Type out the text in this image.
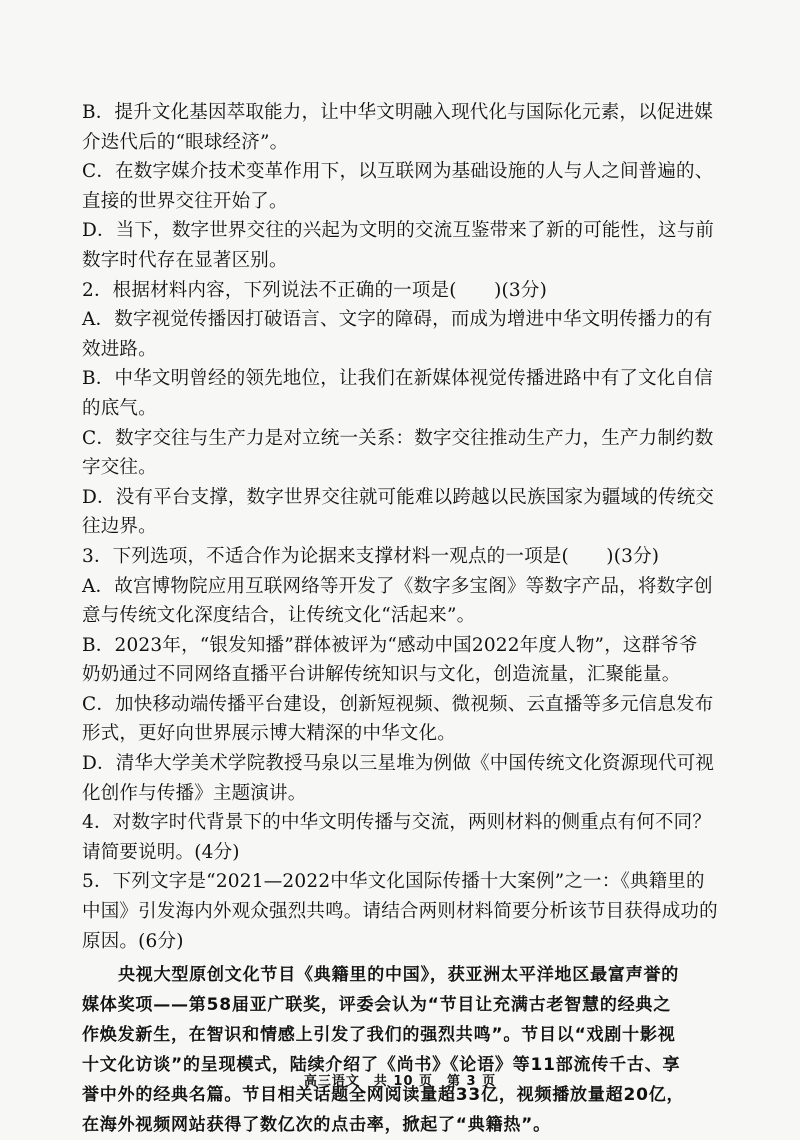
B．提升文化基因萃取能力，让中华文明融入现代化与国际化元素，以促进媒
介迭代后的“眼球经济”。
C．在数字媒介技术变革作用下，以互联网为基础设施的人与人之间普遍的、
直接的世界交往开始了。
D．当下，数字世界交往的兴起为文明的交流互鉴带来了新的可能性，这与前
数字时代存在显著区别。
2．根据材料内容，下列说法不正确的一项是(　　)(3分)
A．数字视觉传播因打破语言、文字的障碍，而成为增进中华文明传播力的有
效进路。
B．中华文明曾经的领先地位，让我们在新媒体视觉传播进路中有了文化自信
的底气。
C．数字交往与生产力是对立统一关系：数字交往推动生产力，生产力制约数
字交往。
D．没有平台支撑，数字世界交往就可能难以跨越以民族国家为疆域的传统交
往边界。
3．下列选项，不适合作为论据来支撑材料一观点的一项是(　　)(3分)
A．故宫博物院应用互联网络等开发了《数字多宝阁》等数字产品，将数字创
意与传统文化深度结合，让传统文化“活起来”。
B．2023年，“银发知播”群体被评为“感动中国2022年度人物”，这群爷爷
奶奶通过不同网络直播平台讲解传统知识与文化，创造流量，汇聚能量。
C．加快移动端传播平台建设，创新短视频、微视频、云直播等多元信息发布
形式，更好向世界展示博大精深的中华文化。
D．清华大学美术学院教授马泉以三星堆为例做《中国传统文化资源现代可视
化创作与传播》主题演讲。
4．对数字时代背景下的中华文明传播与交流，两则材料的侧重点有何不同？
请简要说明。(4分)
5．下列文字是“2021—2022中华文化国际传播十大案例”之一：《典籍里的
中国》引发海内外观众强烈共鸣。请结合两则材料简要分析该节目获得成功的
原因。(6分)
央视大型原创文化节目《典籍里的中国》，获亚洲太平洋地区最富声誉的
媒体奖项——第58届亚广联奖，评委会认为“节目让充满古老智慧的经典之
作焕发新生，在智识和情感上引发了我们的强烈共鸣”。节目以“戏剧十影视
十文化访谈”的呈现模式，陆续介绍了《尚书》《论语》等11部流传千古、享
誉中外的经典名篇。节目相关话题全网阅读量超33亿，视频播放量超20亿，
在海外视频网站获得了数亿次的点击率，掀起了“典籍热”。
高三语文　共 10 页　第 3 页
